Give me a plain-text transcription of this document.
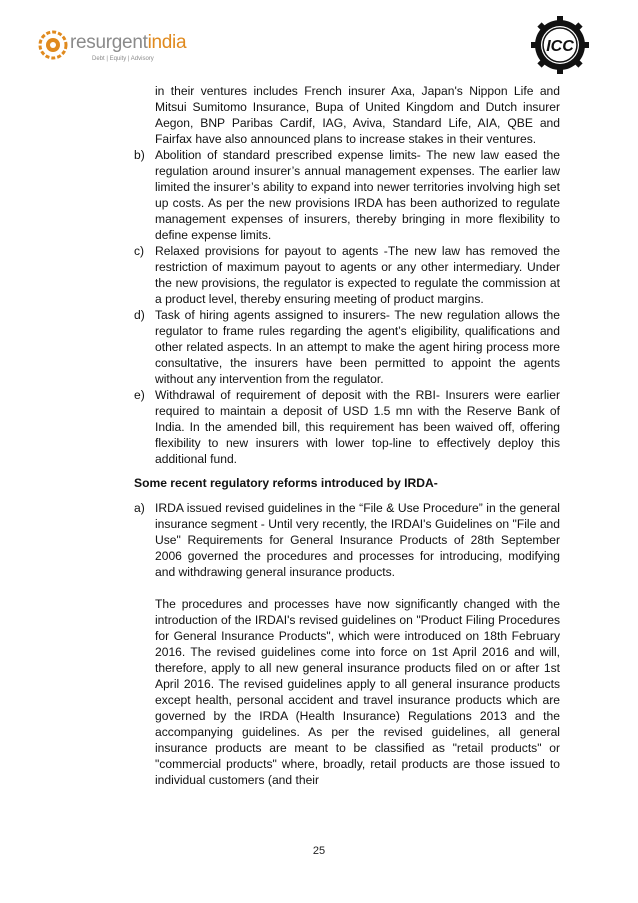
resurgentindia
Debt | Equity | Advisory
ICC
in their ventures includes French insurer Axa, Japan's Nippon Life and Mitsui Sumitomo Insurance, Bupa of United Kingdom and Dutch insurer Aegon, BNP Paribas Cardif, IAG, Aviva, Standard Life, AIA, QBE and Fairfax have also announced plans to increase stakes in their ventures.
b) Abolition of standard prescribed expense limits- The new law eased the regulation around insurer’s annual management expenses. The earlier law limited the insurer’s ability to expand into newer territories involving high set up costs. As per the new provisions IRDA has been authorized to regulate management expenses of insurers, thereby bringing in more flexibility to define expense limits.
c) Relaxed provisions for payout to agents -The new law has removed the restriction of maximum payout to agents or any other intermediary. Under the new provisions, the regulator is expected to regulate the commission at a product level, thereby ensuring meeting of product margins.
d) Task of hiring agents assigned to insurers- The new regulation allows the regulator to frame rules regarding the agent’s eligibility, qualifications and other related aspects. In an attempt to make the agent hiring process more consultative, the insurers have been permitted to appoint the agents without any intervention from the regulator.
e) Withdrawal of requirement of deposit with the RBI- Insurers were earlier required to maintain a deposit of USD 1.5 mn with the Reserve Bank of India. In the amended bill, this requirement has been waived off, offering flexibility to new insurers with lower top-line to effectively deploy this additional fund.
Some recent regulatory reforms introduced by IRDA-
a) IRDA issued revised guidelines in the “File & Use Procedure” in the general insurance segment - Until very recently, the IRDAI's Guidelines on "File and Use" Requirements for General Insurance Products of 28th September 2006 governed the procedures and processes for introducing, modifying and withdrawing general insurance products.
The procedures and processes have now significantly changed with the introduction of the IRDAI's revised guidelines on "Product Filing Procedures for General Insurance Products", which were introduced on 18th February 2016. The revised guidelines come into force on 1st April 2016 and will, therefore, apply to all new general insurance products filed on or after 1st April 2016. The revised guidelines apply to all general insurance products except health, personal accident and travel insurance products which are governed by the IRDA (Health Insurance) Regulations 2013 and the accompanying guidelines. As per the revised guidelines, all general insurance products are meant to be classified as "retail products" or "commercial products" where, broadly, retail products are those issued to individual customers (and their
25
